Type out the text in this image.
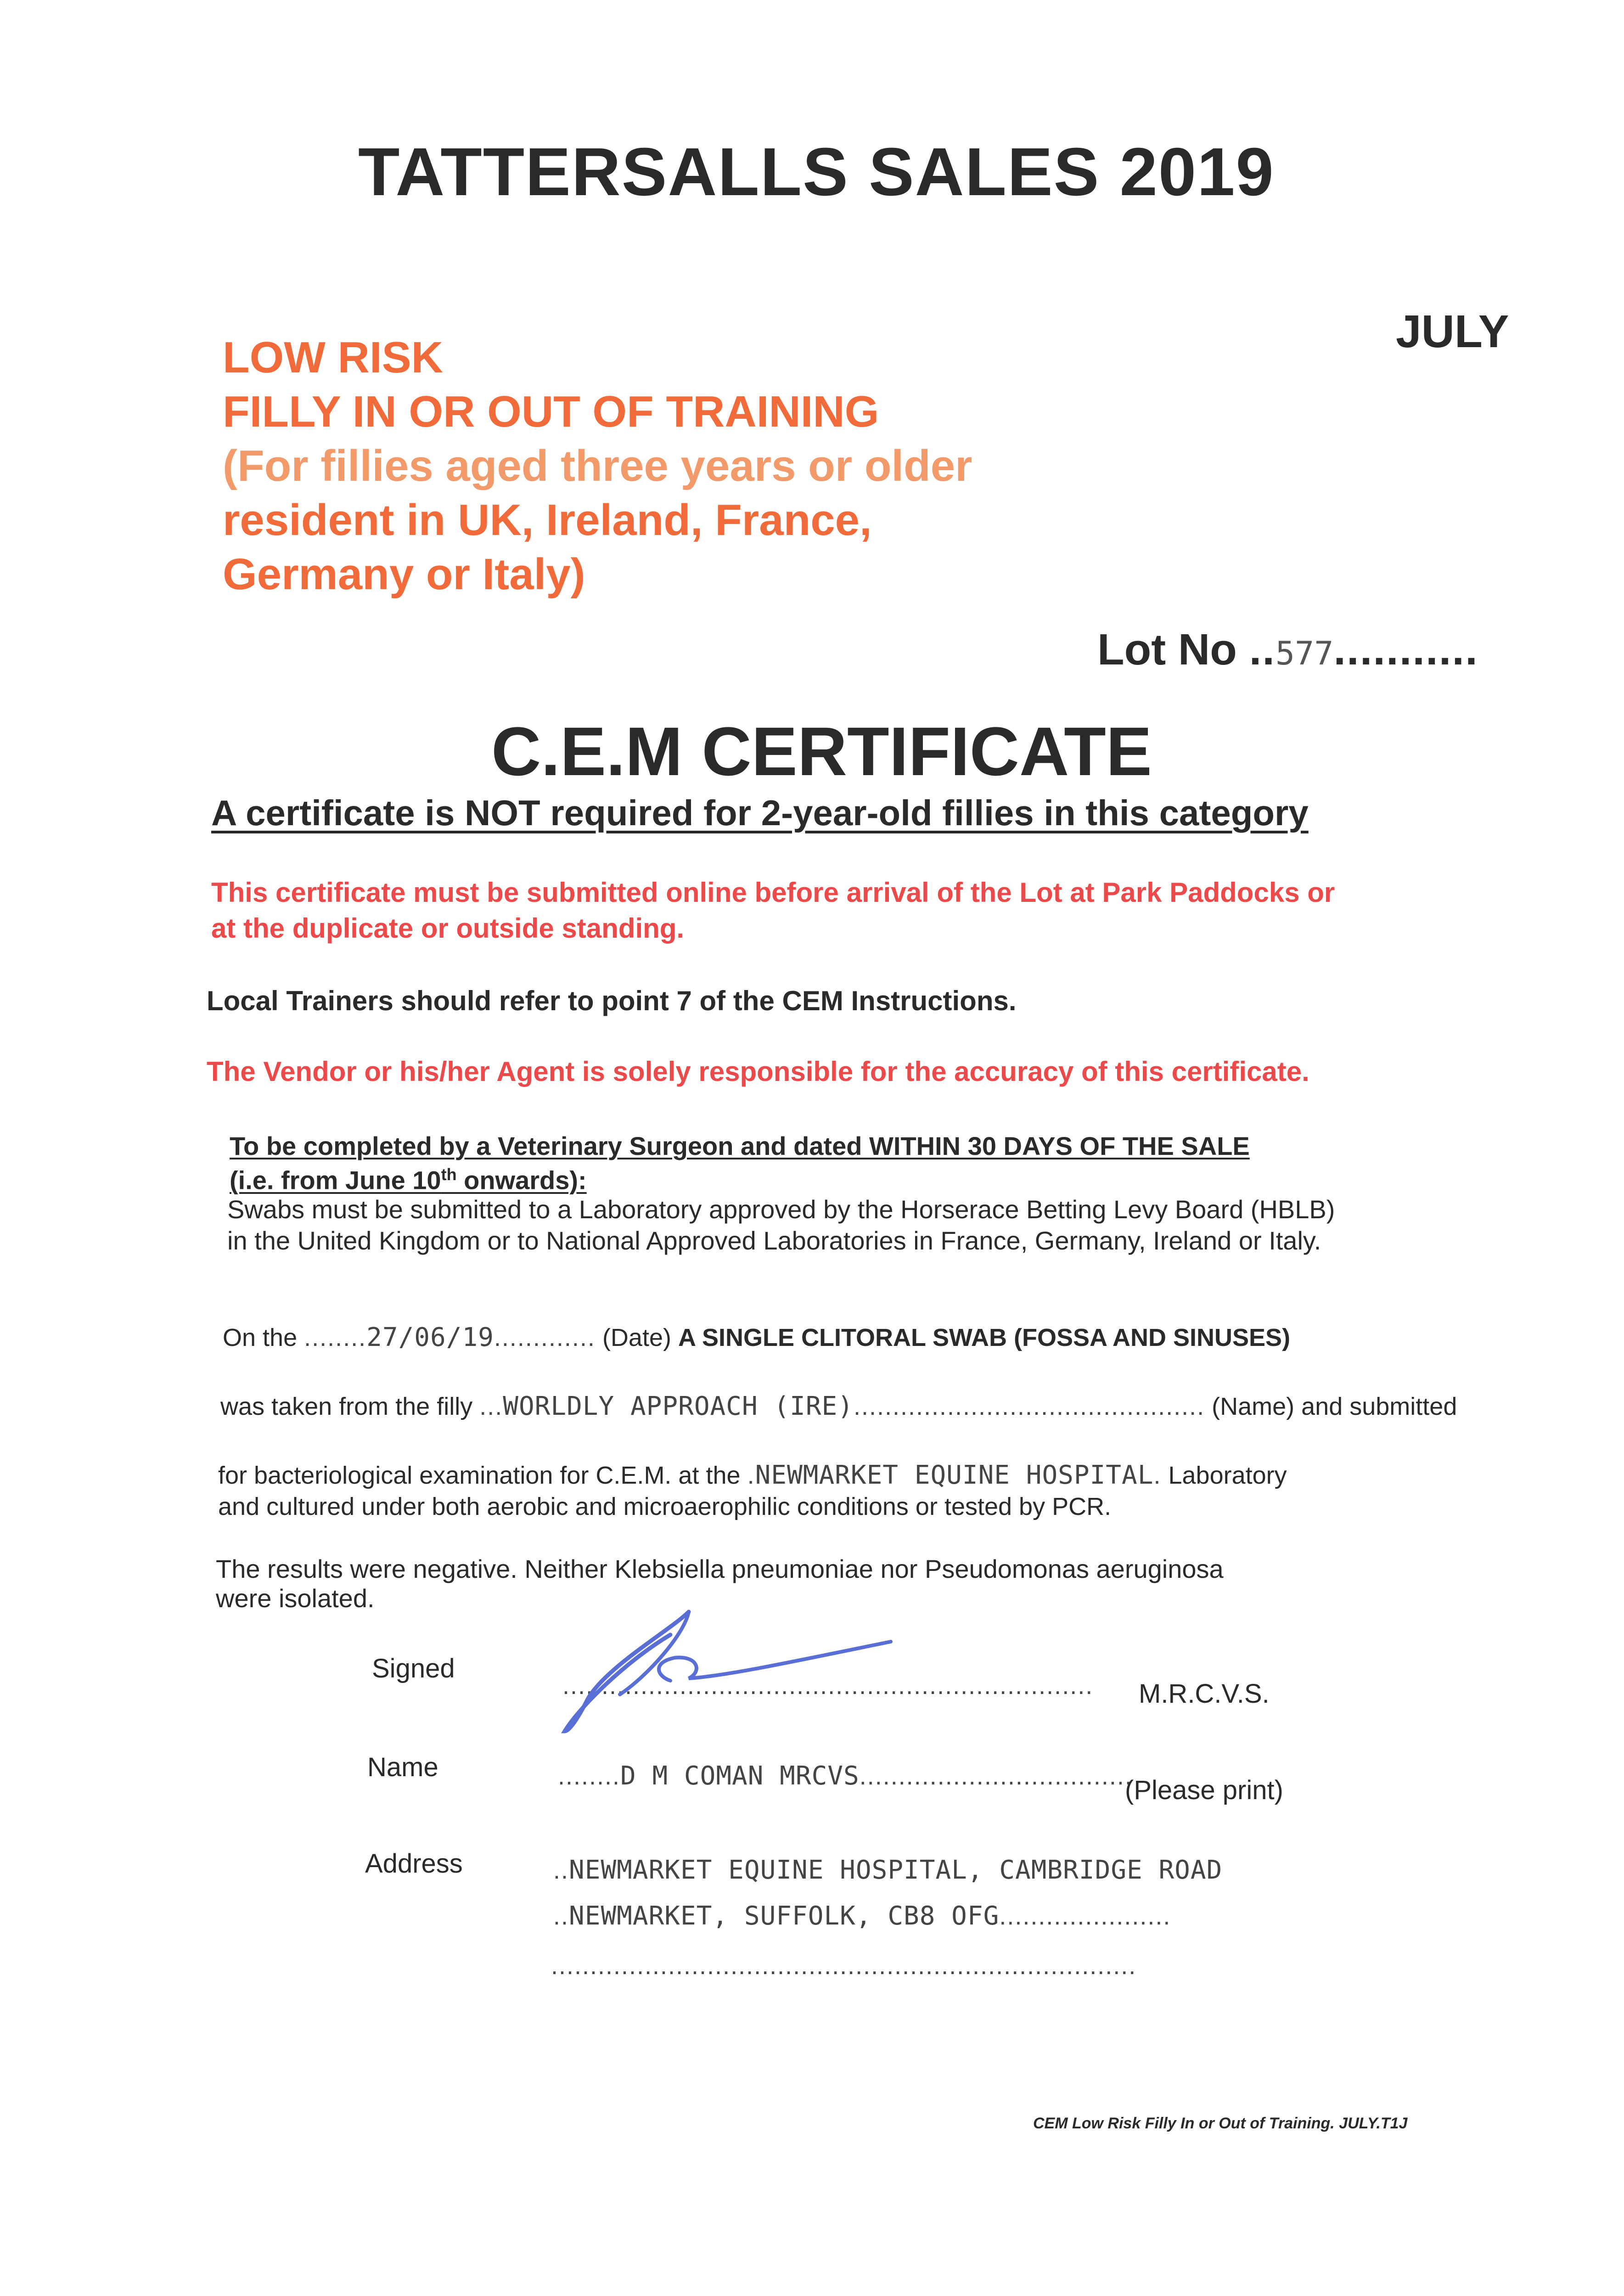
TATTERSALLS SALES 2019
JULY
LOW RISK
FILLY IN OR OUT OF TRAINING
(For fillies aged three years or older
resident in UK, Ireland, France,
Germany or Italy)
Lot No ..577...........
C.E.M CERTIFICATE
A certificate is NOT required for 2-year-old fillies in this category
This certificate must be submitted online before arrival of the Lot at Park Paddocks or
at the duplicate or outside standing.
Local Trainers should refer to point 7 of the CEM Instructions.
The Vendor or his/her Agent is solely responsible for the accuracy of this certificate.
To be completed by a Veterinary Surgeon and dated WITHIN 30 DAYS OF THE SALE
(i.e. from June 10th onwards):
Swabs must be submitted to a Laboratory approved by the Horserace Betting Levy Board (HBLB)
in the United Kingdom or to National Approved Laboratories in France, Germany, Ireland or Italy.
On the ........27/06/19............. (Date) A SINGLE CLITORAL SWAB (FOSSA AND SINUSES)
was taken from the filly ...WORLDLY APPROACH (IRE)............................................. (Name) and submitted
for bacteriological examination for C.E.M. at the .NEWMARKET EQUINE HOSPITAL. Laboratory
and cultured under both aerobic and microaerophilic conditions or tested by PCR.
The results were negative. Neither Klebsiella pneumoniae nor Pseudomonas aeruginosa
were isolated.
Signed
.................................................................... M.R.C.V.S.
Name	........D M COMAN MRCVS...................................
(Please print)
Address	..NEWMARKET EQUINE HOSPITAL, CAMBRIDGE ROAD
..NEWMARKET, SUFFOLK, CB8 OFG......................
...........................................................................
CEM Low Risk Filly In or Out of Training. JULY.T1J
